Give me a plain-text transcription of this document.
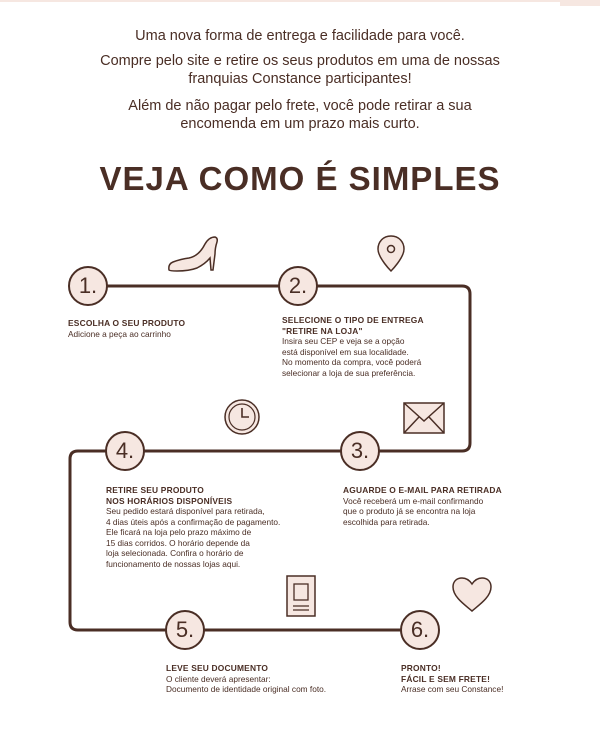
Uma nova forma de entrega e facilidade para você.
Compre pelo site e retire os seus produtos em uma de nossas
franquias Constance participantes!
Além de não pagar pelo frete, você pode retirar a sua
encomenda em um prazo mais curto.
VEJA COMO É SIMPLES
1.	2.
3.
4.
5.	6.
ESCOLHA O SEU PRODUTO
Adicione a peça ao carrinho
SELECIONE O TIPO DE ENTREGA
"RETIRE NA LOJA"
Insira seu CEP e veja se a opção
está disponível em sua localidade.
No momento da compra, você poderá
selecionar a loja de sua preferência.
AGUARDE O E-MAIL PARA RETIRADA
Você receberá um e-mail confirmando
que o produto já se encontra na loja
escolhida para retirada.
RETIRE SEU PRODUTO
NOS HORÁRIOS DISPONÍVEIS
Seu pedido estará disponível para retirada,
4 dias úteis após a confirmação de pagamento.
Ele ficará na loja pelo prazo máximo de
15 dias corridos. O horário depende da
loja selecionada. Confira o horário de
funcionamento de nossas lojas aqui.
LEVE SEU DOCUMENTO
O cliente deverá apresentar:
Documento de identidade original com foto.
PRONTO!
FÁCIL E SEM FRETE!
Arrase com seu Constance!
